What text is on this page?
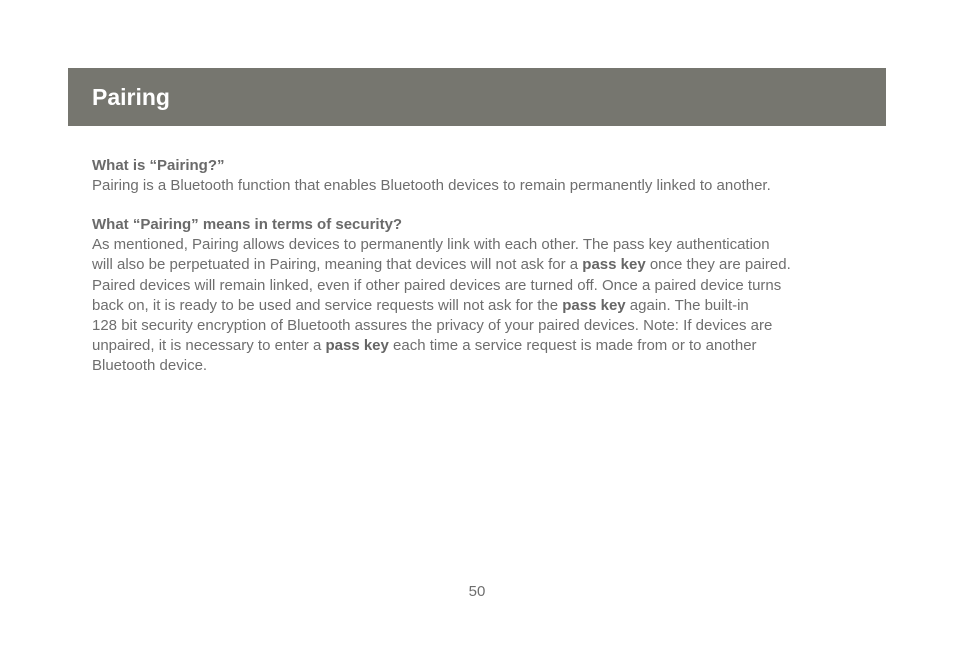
Pairing

What is “Pairing?”

Pairing is a Bluetooth function that enables Bluetooth devices to remain permanently linked to another.

What “Pairing” means in terms of security?

As mentioned, Pairing allows devices to permanently link with each other. The pass key authentication
will also be perpetuated in Pairing, meaning that devices will not ask for a pass key once they are paired.
Paired devices will remain linked, even if other paired devices are turned off. Once a paired device turns
back on, it is ready to be used and service requests will not ask for the pass key again. The built-in
128 bit security encryption of Bluetooth assures the privacy of your paired devices. Note: If devices are
unpaired, it is necessary to enter a pass key each time a service request is made from or to another
Bluetooth device.

50
